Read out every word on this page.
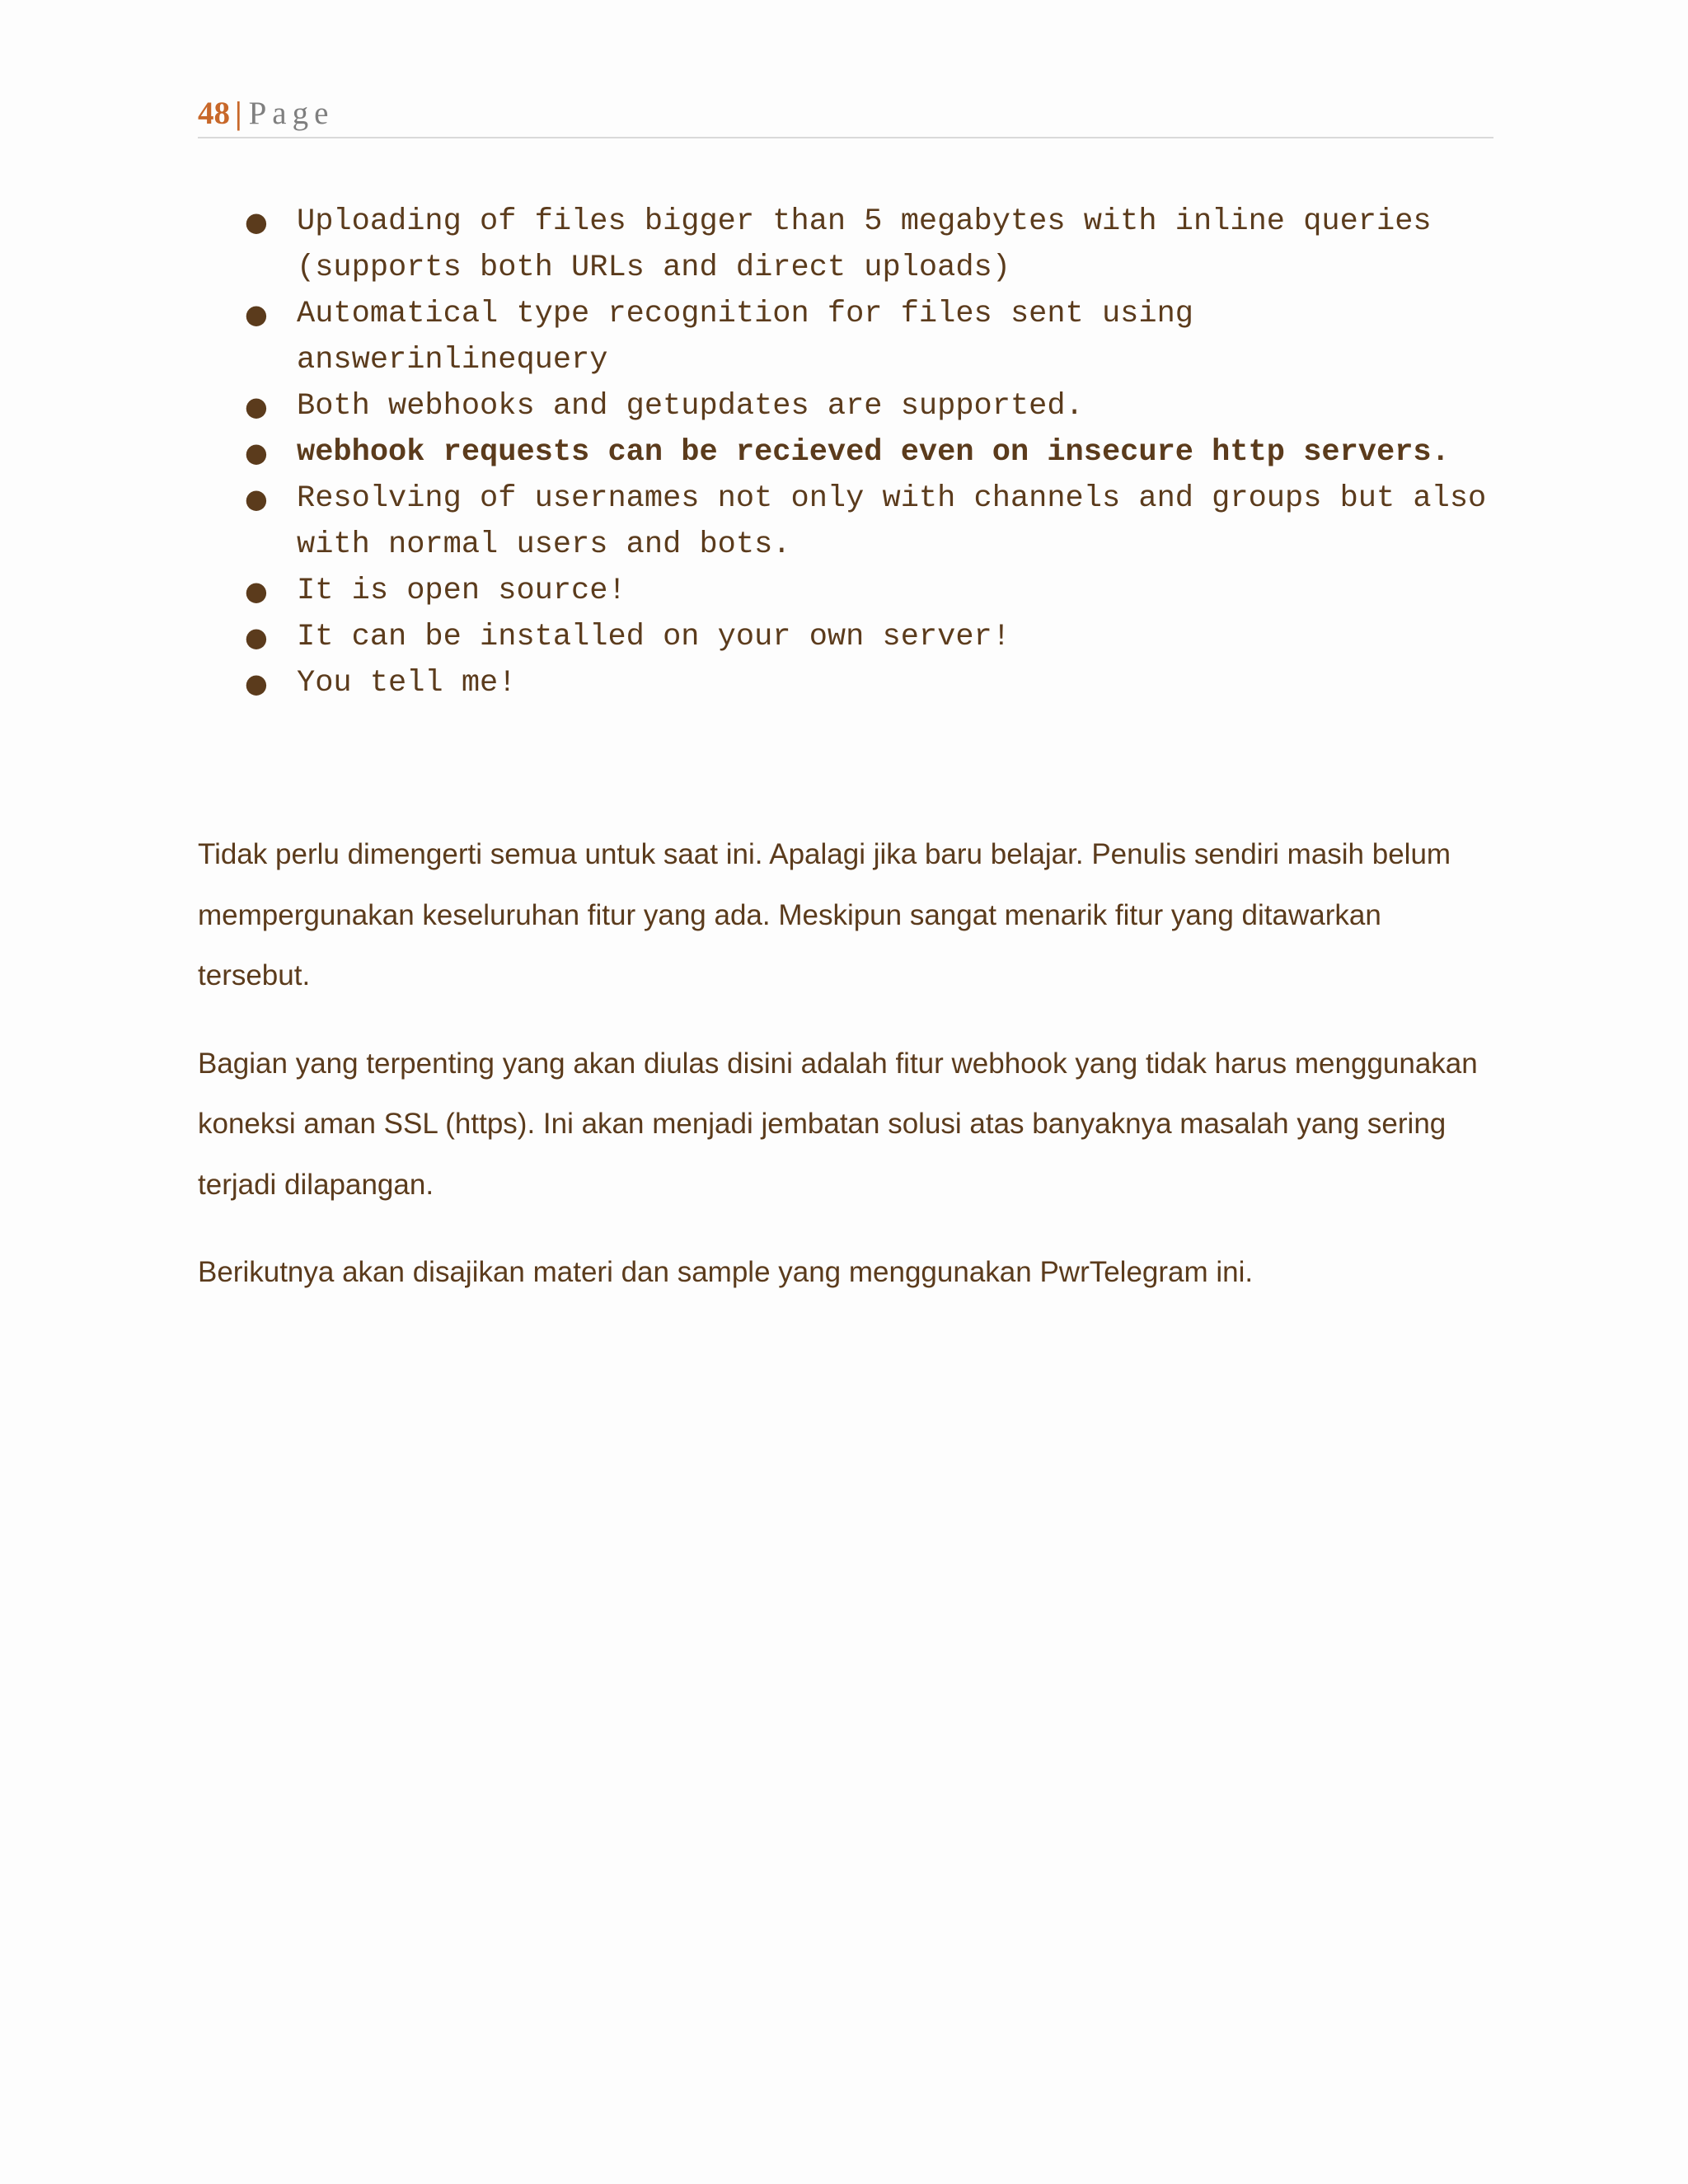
48 | Page
● Uploading of files bigger than 5 megabytes with inline queries
(supports both URLs and direct uploads)
● Automatical type recognition for files sent using
answerinlinequery
● Both webhooks and getupdates are supported.
● webhook requests can be recieved even on insecure http servers.
● Resolving of usernames not only with channels and groups but also
with normal users and bots.
● It is open source!
● It can be installed on your own server!
● You tell me!

Tidak perlu dimengerti semua untuk saat ini. Apalagi jika baru belajar. Penulis sendiri masih belum mempergunakan keseluruhan fitur yang ada. Meskipun sangat menarik fitur yang ditawarkan tersebut.

Bagian yang terpenting yang akan diulas disini adalah fitur webhook yang tidak harus menggunakan koneksi aman SSL (https). Ini akan menjadi jembatan solusi atas banyaknya masalah yang sering terjadi dilapangan.

Berikutnya akan disajikan materi dan sample yang menggunakan PwrTelegram ini.
